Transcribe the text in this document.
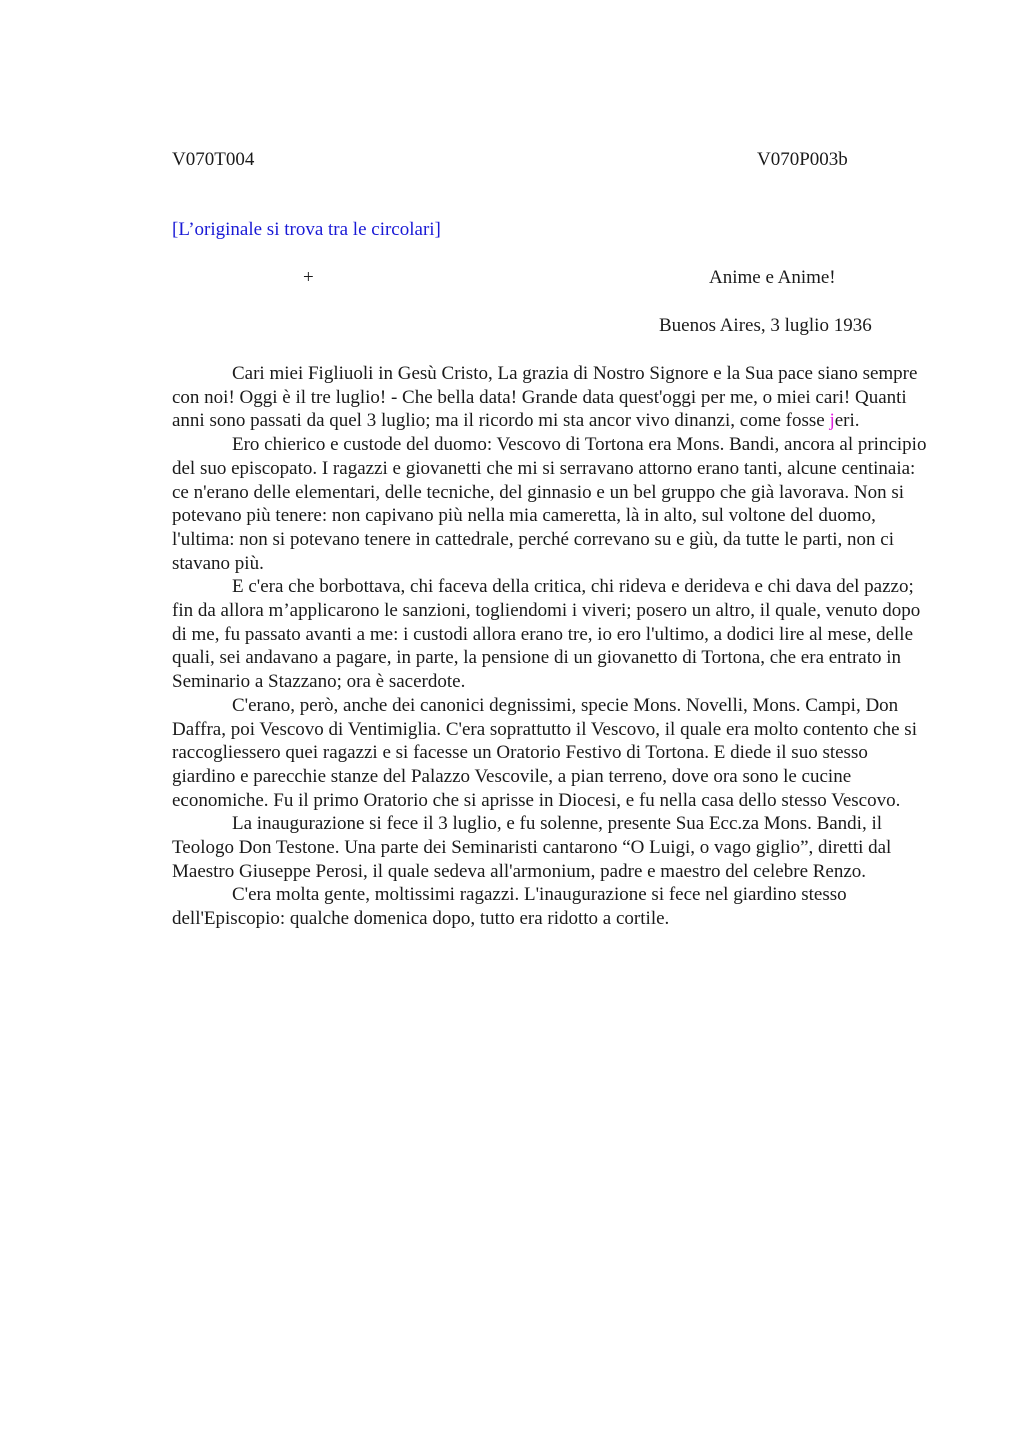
V070T004	V070P003b
[L’originale si trova tra le circolari]
+	Anime e Anime!
Buenos Aires, 3 luglio 1936

Cari miei Figliuoli in Gesù Cristo, La grazia di Nostro Signore e la Sua pace siano sempre con noi! Oggi è il tre luglio! - Che bella data! Grande data quest'oggi per me, o miei cari! Quanti anni sono passati da quel 3 luglio; ma il ricordo mi sta ancor vivo dinanzi, come fosse jeri.

Ero chierico e custode del duomo: Vescovo di Tortona era Mons. Bandi, ancora al principio del suo episcopato. I ragazzi e giovanetti che mi si serravano attorno erano tanti, alcune centinaia: ce n'erano delle elementari, delle tecniche, del ginnasio e un bel gruppo che già lavorava. Non si potevano più tenere: non capivano più nella mia cameretta, là in alto, sul voltone del duomo, l'ultima: non si potevano tenere in cattedrale, perché correvano su e giù, da tutte le parti, non ci stavano più.

E c'era che borbottava, chi faceva della critica, chi rideva e derideva e chi dava del pazzo; fin da allora m’applicarono le sanzioni, togliendomi i viveri; posero un altro, il quale, venuto dopo di me, fu passato avanti a me: i custodi allora erano tre, io ero l'ultimo, a dodici lire al mese, delle quali, sei andavano a pagare, in parte, la pensione di un giovanetto di Tortona, che era entrato in Seminario a Stazzano; ora è sacerdote.

C'erano, però, anche dei canonici degnissimi, specie Mons. Novelli, Mons. Campi, Don Daffra, poi Vescovo di Ventimiglia. C'era soprattutto il Vescovo, il quale era molto contento che si raccogliessero quei ragazzi e si facesse un Oratorio Festivo di Tortona. E diede il suo stesso giardino e parecchie stanze del Palazzo Vescovile, a pian terreno, dove ora sono le cucine economiche. Fu il primo Oratorio che si aprisse in Diocesi, e fu nella casa dello stesso Vescovo.

La inaugurazione si fece il 3 luglio, e fu solenne, presente Sua Ecc.za Mons. Bandi, il Teologo Don Testone. Una parte dei Seminaristi cantarono “O Luigi, o vago giglio”, diretti dal Maestro Giuseppe Perosi, il quale sedeva all'armonium, padre e maestro del celebre Renzo.

C'era molta gente, moltissimi ragazzi. L'inaugurazione si fece nel giardino stesso dell'Episcopio: qualche domenica dopo, tutto era ridotto a cortile.
